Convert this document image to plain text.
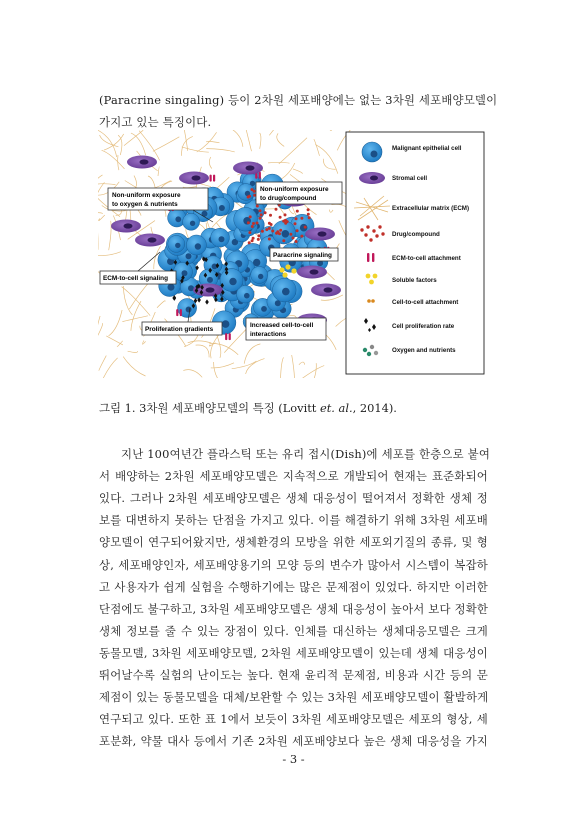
(Paracrine singaling) 등이 2차원 세포배양에는 없는 3차원 세포배양모델이
가지고 있는 특징이다.
Non-uniform exposure
to oxygen & nutrients
Non-uniform exposure
to drug/compound
ECM-to-cell signaling
Paracrine signaling
Proliferation gradients
Increased cell-to-cell
interactions
Malignant epithelial cell
Stromal cell
Extracellular matrix (ECM)
Drug/compound
ECM-to-cell attachment
Soluble factors
Cell-to-cell attachment
Cell proliferation rate
Oxygen and nutrients
그림 1. 3차원 세포배양모델의 특징 (Lovitt et. al., 2014).
지난 100여년간 플라스틱 또는 유리 접시(Dish)에 세포를 한층으로 붙여
서 배양하는 2차원 세포배양모델은 지속적으로 개발되어 현재는 표준화되어
있다. 그러나 2차원 세포배양모델은 생체 대응성이 떨어져서 정확한 생체 정
보를 대변하지 못하는 단점을 가지고 있다. 이를 해결하기 위해 3차원 세포배
양모델이 연구되어왔지만, 생체환경의 모방을 위한 세포외기질의 종류, 및 형
상, 세포배양인자, 세포배양용기의 모양 등의 변수가 많아서 시스템이 복잡하
고 사용자가 쉽게 실험을 수행하기에는 많은 문제점이 있었다. 하지만 이러한
단점에도 불구하고, 3차원 세포배양모델은 생체 대응성이 높아서 보다 정확한
생체 정보를 줄 수 있는 장점이 있다. 인체를 대신하는 생체대응모델은 크게
동물모델, 3차원 세포배양모델, 2차원 세포배양모델이 있는데 생체 대응성이
뛰어날수록 실험의 난이도는 높다. 현재 윤리적 문제점, 비용과 시간 등의 문
제점이 있는 동물모델을 대체/보완할 수 있는 3차원 세포배양모델이 활발하게
연구되고 있다. 또한 표 1에서 보듯이 3차원 세포배양모델은 세포의 형상, 세
포분화, 약물 대사 등에서 기존 2차원 세포배양보다 높은 생체 대응성을 가지
- 3 -
